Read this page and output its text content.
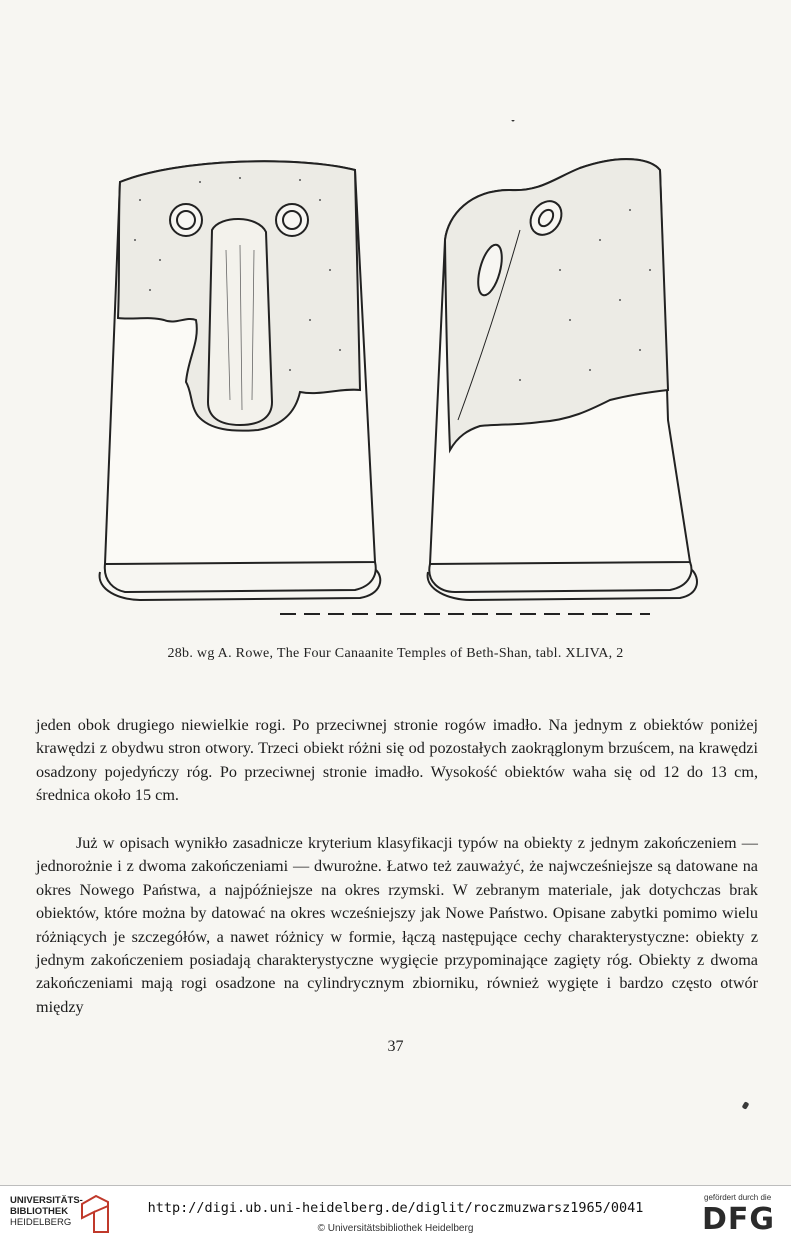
28b. wg A. Rowe, The Four Canaanite Temples of Beth-Shan, tabl. XLIVA, 2
jeden obok drugiego niewielkie rogi. Po przeciwnej stronie rogów imadło. Na jednym z obiektów poniżej krawędzi z obydwu stron otwory. Trzeci obiekt różni się od pozostałych zaokrąglonym brzuścem, na krawędzi osadzony pojedyńczy róg. Po przeciwnej stronie imadło. Wysokość obiektów waha się od 12 do 13 cm, średnica około 15 cm.
Już w opisach wynikło zasadnicze kryterium klasyfikacji typów na obiekty z jednym zakończeniem — jednorożnie i z dwoma zakończeniami — dwurożne. Łatwo też zauważyć, że najwcześniejsze są datowane na okres Nowego Państwa, a najpóźniejsze na okres rzymski. W zebranym materiale, jak dotychczas brak obiektów, które można by datować na okres wcześniejszy jak Nowe Państwo. Opisane zabytki pomimo wielu różniących je szczegółów, a nawet różnicy w formie, łączą następujące cechy charakterystyczne: obiekty z jednym zakończeniem posiadają charakterystyczne wygięcie przypominające zagięty róg. Obiekty z dwoma zakończeniami mają rogi osadzone na cylindrycznym zbiorniku, również wygięte i bardzo często otwór między
37
UNIVERSITÄTS-
BIBLIOTHEK
HEIDELBERG
http://digi.ub.uni-heidelberg.de/diglit/roczmuzwarsz1965/0041
© Universitätsbibliothek Heidelberg
gefördert durch die
DFG
